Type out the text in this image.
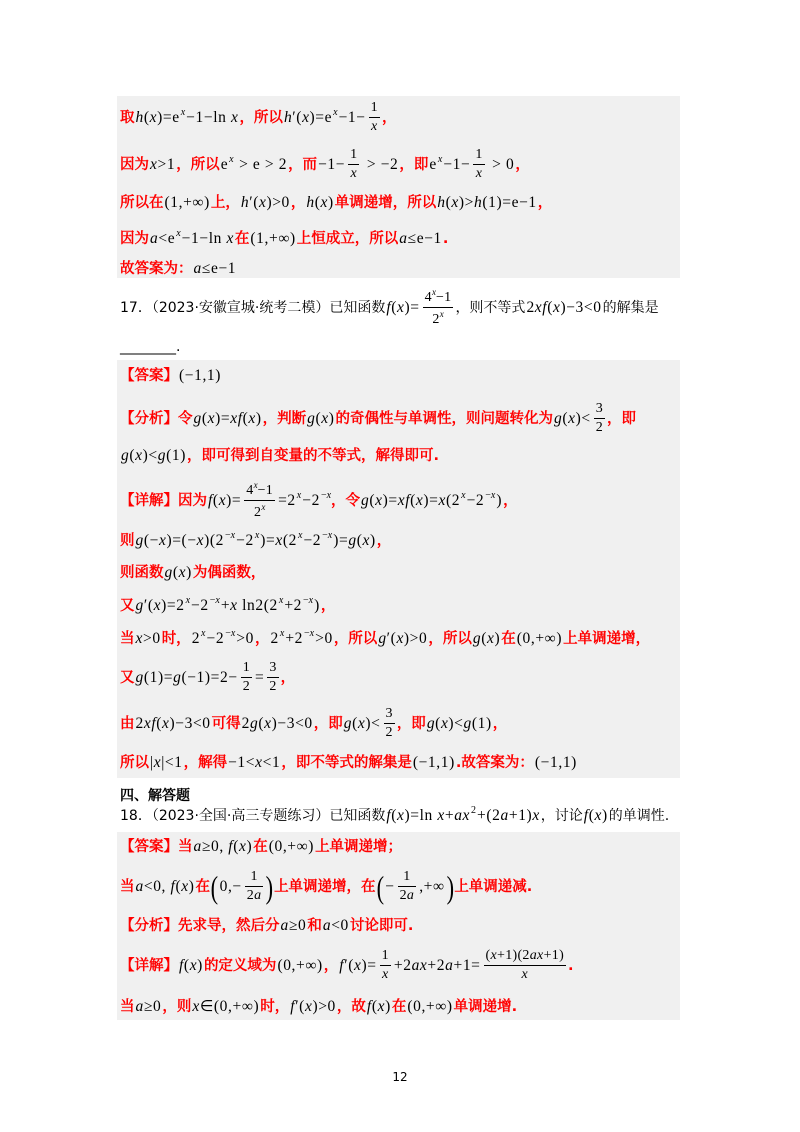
12
取$h(x)=e^x-1-\ln$ x，所以$h'(x)=e^x-1- \frac{1}{x}$ ，
因为x>1，所以$e^x > e > 2$，而$-1- \frac{1}{x} > -2$，即$e^x-1- \frac{1}{x} > 0$，
所以在(1,+∞)上，h′(x)>0，h(x)单调递增，所以h(x)>h(1)=e−1，
因为$a<e^x-1-\ln$ x在(1,+∞)上恒成立，所以a≤e−1.
故答案为：a≤e−1
17．（2023·安徽宣城·统考二模）已知函数$f(x)= \frac{4^x-1}{2^x}$ ，则不等式2xf(x)−3<0的解集是
________.
【答案】(−1,1)
【分析】令g(x)=xf(x)，判断g(x)的奇偶性与单调性，则问题转化为$g(x)< \frac{3}{2}$ ，即
g(x)<g(1)，即可得到自变量的不等式，解得即可.
【详解】因为$f(x)= \frac{4^x-1}{2^x} =2^x-2^{-x}$，令$g(x)=xf(x)=x(2^x-2^{-x})$，
则$g(-x)=(-x)(2^{-x}-2^x)=x(2^x-2^{-x})=g(x)$，
则函数g(x)为偶函数，
又$g'(x)=2^x-2^{-x}+x$ $\ln 2(2^x+2^{-x})$，
当x>0时，$2^x-2^{-x}>0$，$2^x+2^{-x}>0$，所以g′(x)>0，所以g(x)在(0,+∞)上单调递增，
又$g(1)=g(-1)=2- \frac{1}{2} = \frac{3}{2}$ ，
由2xf(x)−3<0可得2g(x)−3<0，即$g(x)< \frac{3}{2}$ ，即g(x)<g(1)，
所以|x|<1，解得−1<x<1，即不等式的解集是(−1,1).故答案为：(−1,1)
四、解答题
18．（2023·全国·高三专题练习）已知函数f(x)=ln $x+ax^2+(2a+1)x$，讨论f(x)的单调性.
【答案】当a≥0, f(x)在(0,+∞)上单调递增；
当a<0, f(x)在( $0,- \frac{1}{2a}$ )上单调递增，在( − $\frac{1}{2a}$ ,+∞)上单调递减.
【分析】先求导，然后分a≥0和a<0讨论即可.
【详解】f(x)的定义域为(0,+∞)，$f'(x)= \frac{1}{x} +2ax+2a+1= \frac{(x+1)(2ax+1)}{x}$ .
当a≥0，则x∈(0,+∞)时，f′(x)>0，故f(x)在(0,+∞)单调递增.
